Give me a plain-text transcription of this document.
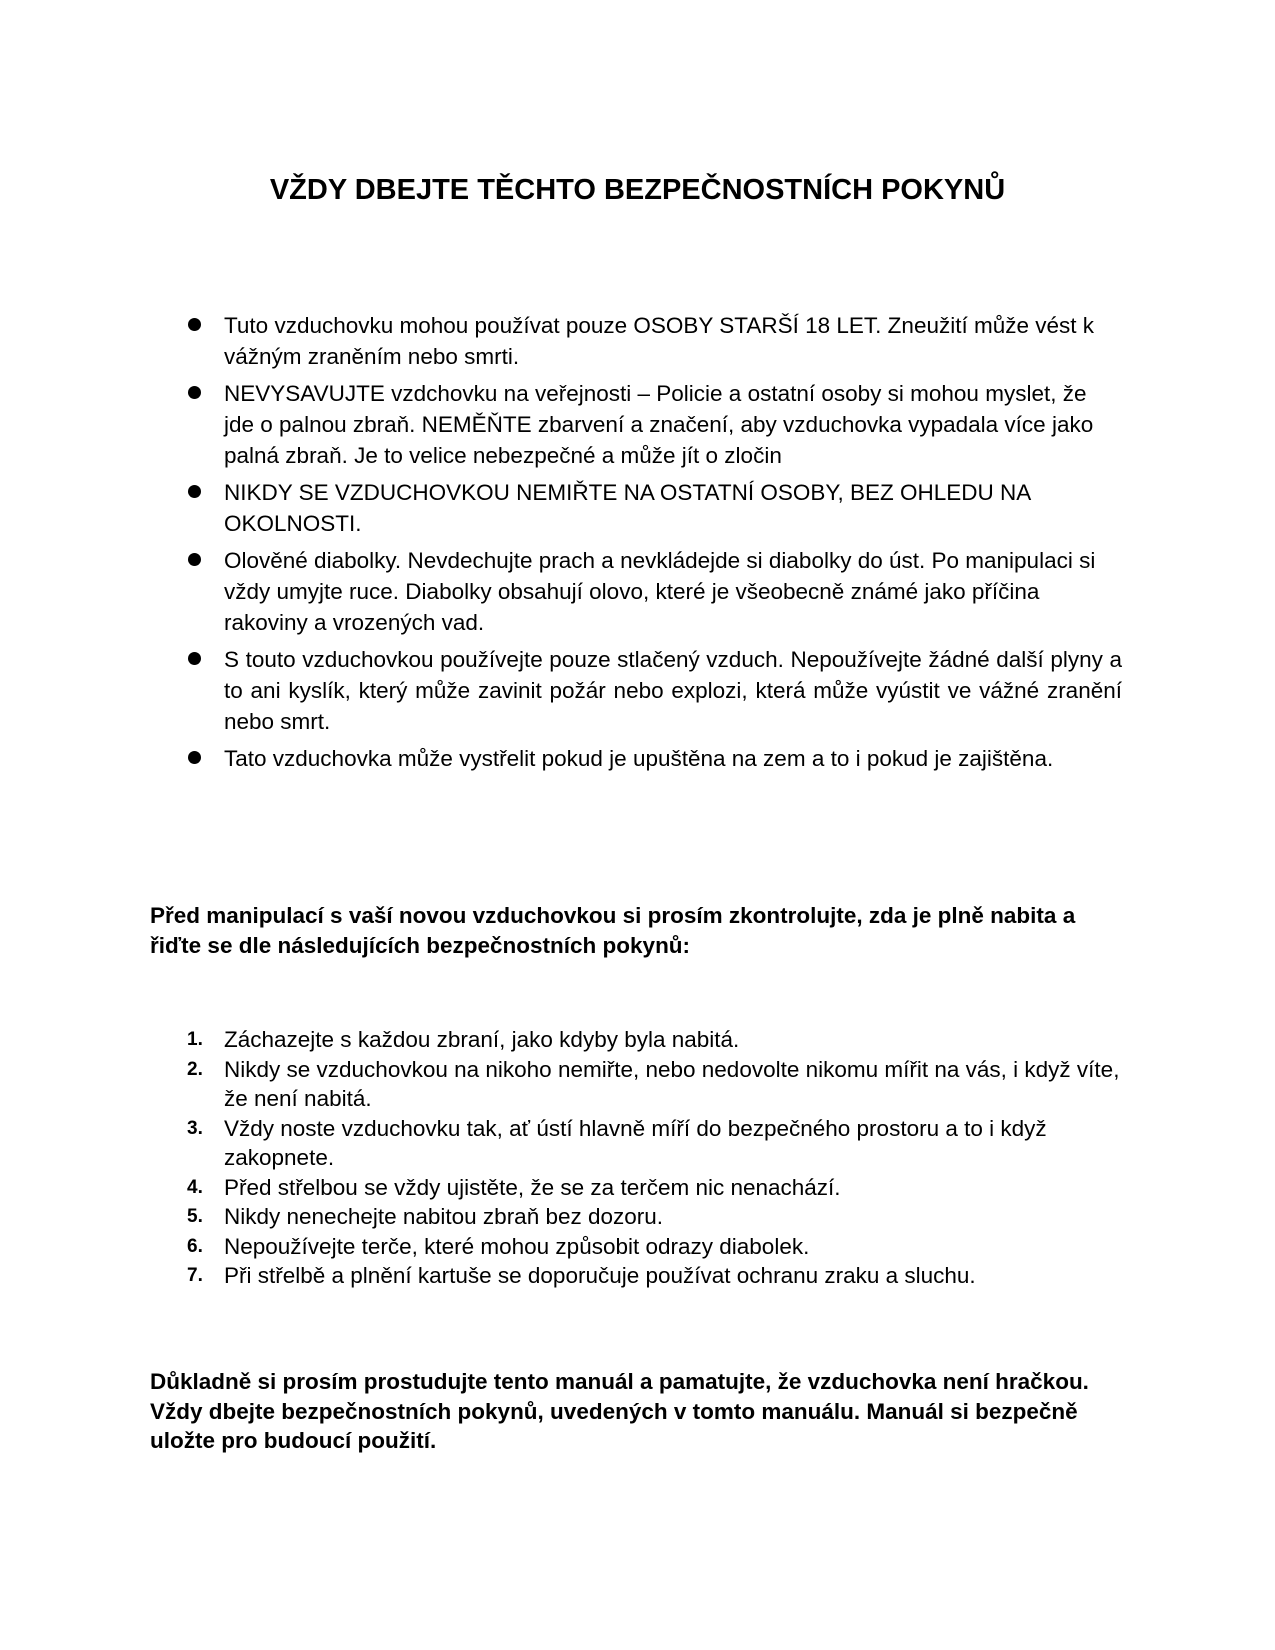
VŽDY DBEJTE TĚCHTO BEZPEČNOSTNÍCH POKYNŮ
Tuto vzduchovku mohou používat pouze OSOBY STARŠÍ 18 LET. Zneužití může vést k vážným zraněním nebo smrti.
NEVYSAVUJTE vzdchovku na veřejnosti – Policie a ostatní osoby si mohou myslet, že jde o palnou zbraň. NEMĚŇTE zbarvení a značení, aby vzduchovka vypadala více jako palná zbraň. Je to velice nebezpečné a může jít o zločin
NIKDY SE VZDUCHOVKOU NEMIŘTE NA OSTATNÍ OSOBY, BEZ OHLEDU NA OKOLNOSTI.
Olověné diabolky. Nevdechujte prach a nevkládejde si diabolky do úst. Po manipulaci si vždy umyjte ruce. Diabolky obsahují olovo, které je všeobecně známé jako příčina rakoviny a vrozených vad.
S touto vzduchovkou používejte pouze stlačený vzduch. Nepoužívejte žádné další plyny a to ani kyslík, který může zavinit požár nebo explozi, která může vyústit ve vážné zranění nebo smrt.
Tato vzduchovka může vystřelit pokud je upuštěna na zem a to i pokud je zajištěna.

Před manipulací s vaší novou vzduchovkou si prosím zkontrolujte, zda je plně nabita a řiďte se dle následujících bezpečnostních pokynů:

1. Záchazejte s každou zbraní, jako kdyby byla nabitá.
2. Nikdy se vzduchovkou na nikoho nemiřte, nebo nedovolte nikomu mířit na vás, i když víte, že není nabitá.
3. Vždy noste vzduchovku tak, ať ústí hlavně míří do bezpečného prostoru a to i když zakopnete.
4. Před střelbou se vždy ujistěte, že se za terčem nic nenachází.
5. Nikdy nenechejte nabitou zbraň bez dozoru.
6. Nepoužívejte terče, které mohou způsobit odrazy diabolek.
7. Při střelbě a plnění kartuše se doporučuje používat ochranu zraku a sluchu.

Důkladně si prosím prostudujte tento manuál a pamatujte, že vzduchovka není hračkou. Vždy dbejte bezpečnostních pokynů, uvedených v tomto manuálu. Manuál si bezpečně uložte pro budoucí použití.
